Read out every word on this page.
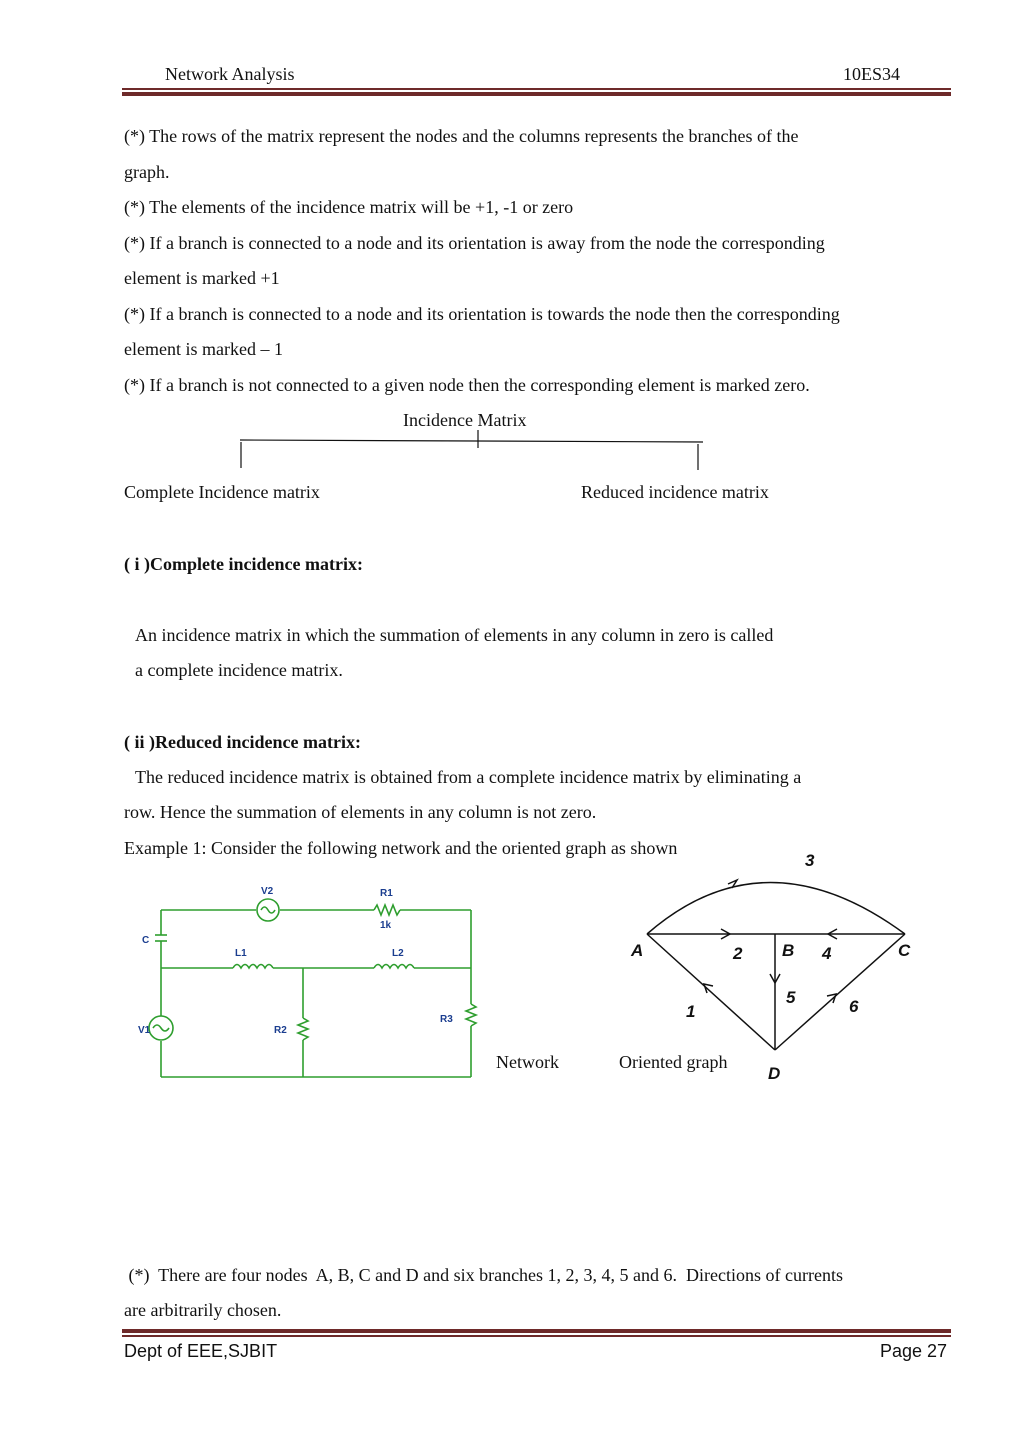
Network Analysis	10ES34
(*) The rows of the matrix represent the nodes and the columns represents the branches of the
graph.
(*) The elements of the incidence matrix will be +1, -1 or zero
(*) If a branch is connected to a node and its orientation is away from the node the corresponding
element is marked +1
(*) If a branch is connected to a node and its orientation is towards the node then the corresponding
element is marked – 1
(*) If a branch is not connected to a given node then the corresponding element is marked zero.
Incidence Matrix
Complete Incidence matrix	Reduced incidence matrix
( i )Complete incidence matrix:
An incidence matrix in which the summation of elements in any column in zero is called
a complete incidence matrix.
( ii )Reduced incidence matrix:
The reduced incidence matrix is obtained from a complete incidence matrix by eliminating a
row. Hence the summation of elements in any column is not zero.
Example 1: Consider the following network and the oriented graph as shown
V2	R1
1k
C
L1	L2
V1	R2
R3
Network	Oriented graph
A	B	C
D
1
2
3
4
5	6
(*)  There are four nodes  A, B, C and D and six branches 1, 2, 3, 4, 5 and 6.  Directions of currents
are arbitrarily chosen.
Dept of EEE,SJBIT	Page 27
